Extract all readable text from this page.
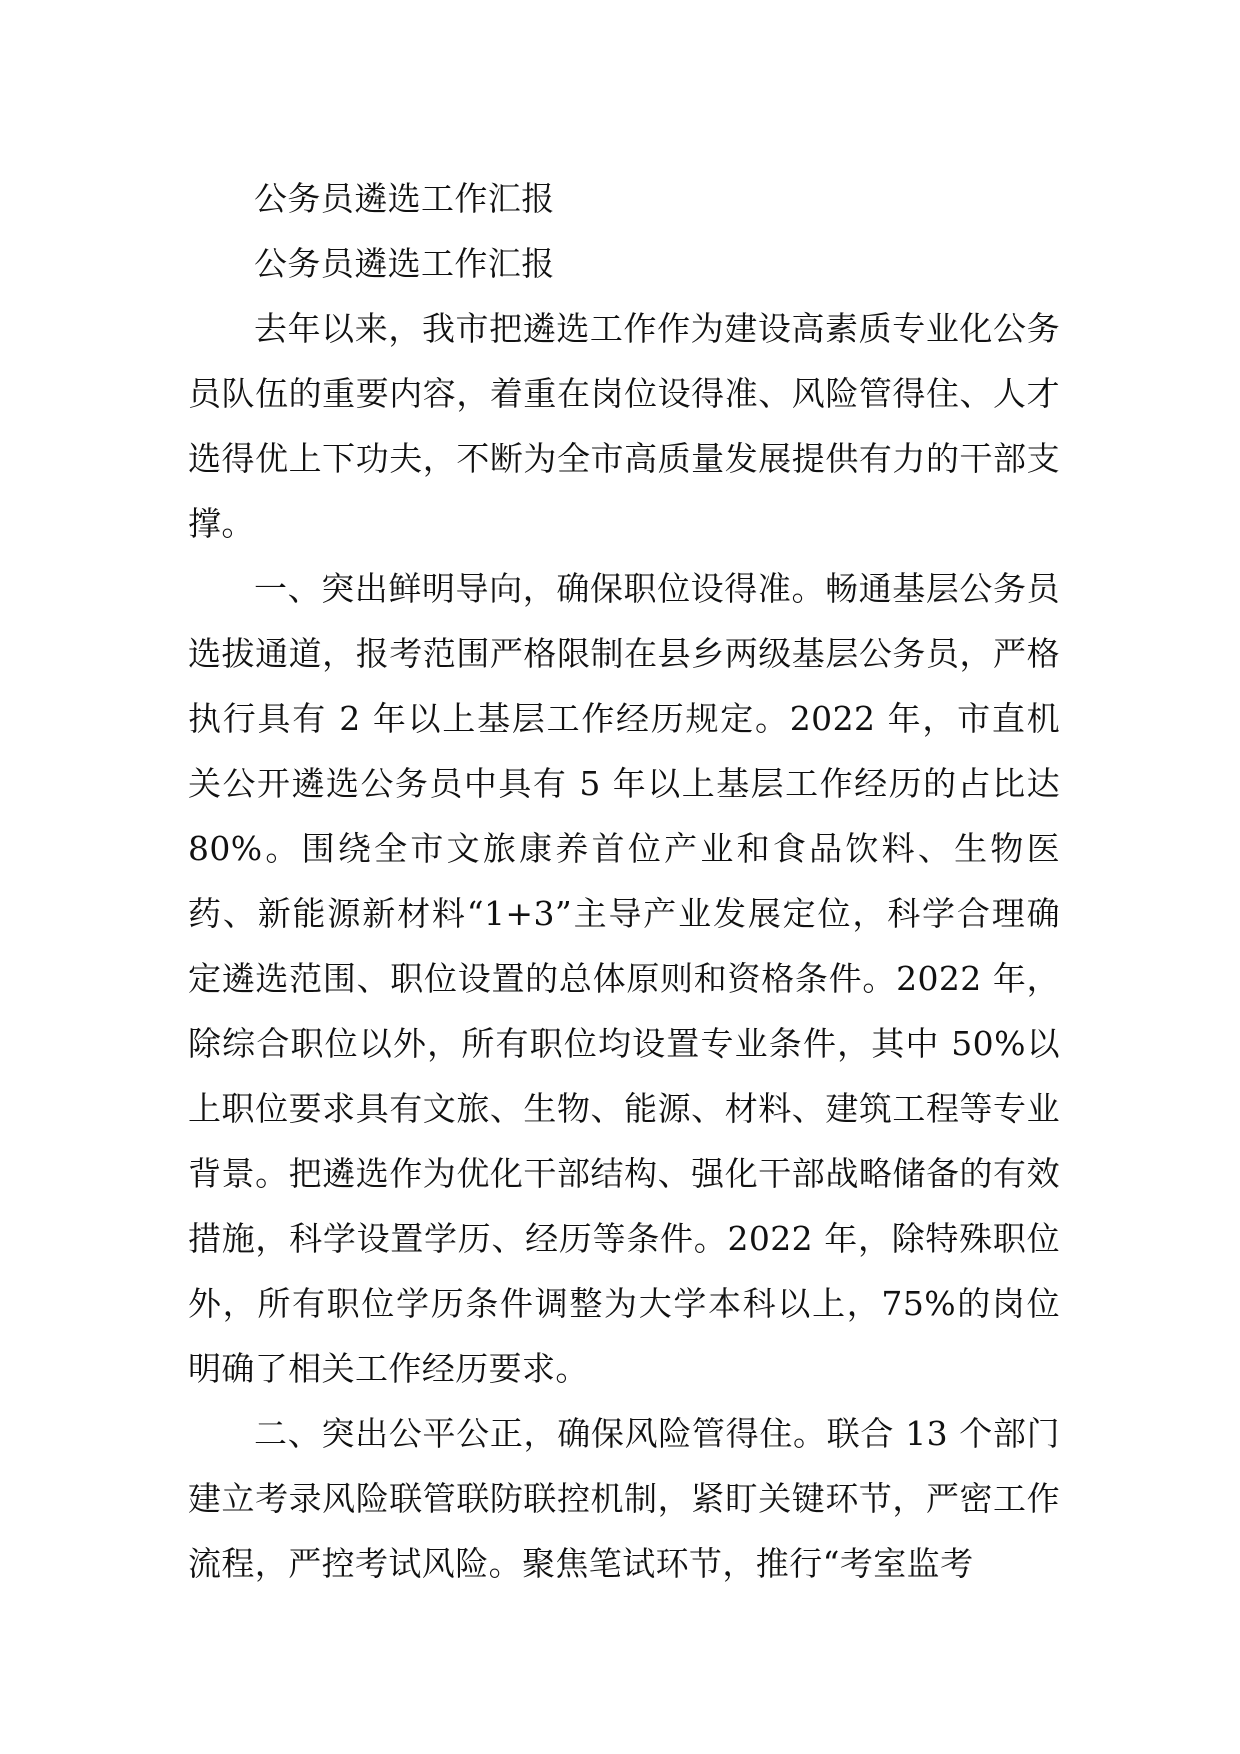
公务员遴选工作汇报

公务员遴选工作汇报

去年以来，我市把遴选工作作为建设高素质专业化公务员队伍的重要内容，着重在岗位设得准、风险管得住、人才选得优上下功夫，不断为全市高质量发展提供有力的干部支撑。

一、突出鲜明导向，确保职位设得准。畅通基层公务员选拔通道，报考范围严格限制在县乡两级基层公务员，严格执行具有 2 年以上基层工作经历规定。2022 年，市直机关公开遴选公务员中具有 5 年以上基层工作经历的占比达 80%。围绕全市文旅康养首位产业和食品饮料、生物医药、新能源新材料“1+3”主导产业发展定位，科学合理确定遴选范围、职位设置的总体原则和资格条件。2022 年，除综合职位以外，所有职位均设置专业条件，其中 50%以上职位要求具有文旅、生物、能源、材料、建筑工程等专业背景。把遴选作为优化干部结构、强化干部战略储备的有效措施，科学设置学历、经历等条件。2022 年，除特殊职位外，所有职位学历条件调整为大学本科以上，75%的岗位明确了相关工作经历要求。

二、突出公平公正，确保风险管得住。联合 13 个部门建立考录风险联管联防联控机制，紧盯关键环节，严密工作流程，严控考试风险。聚焦笔试环节，推行“考室监考
